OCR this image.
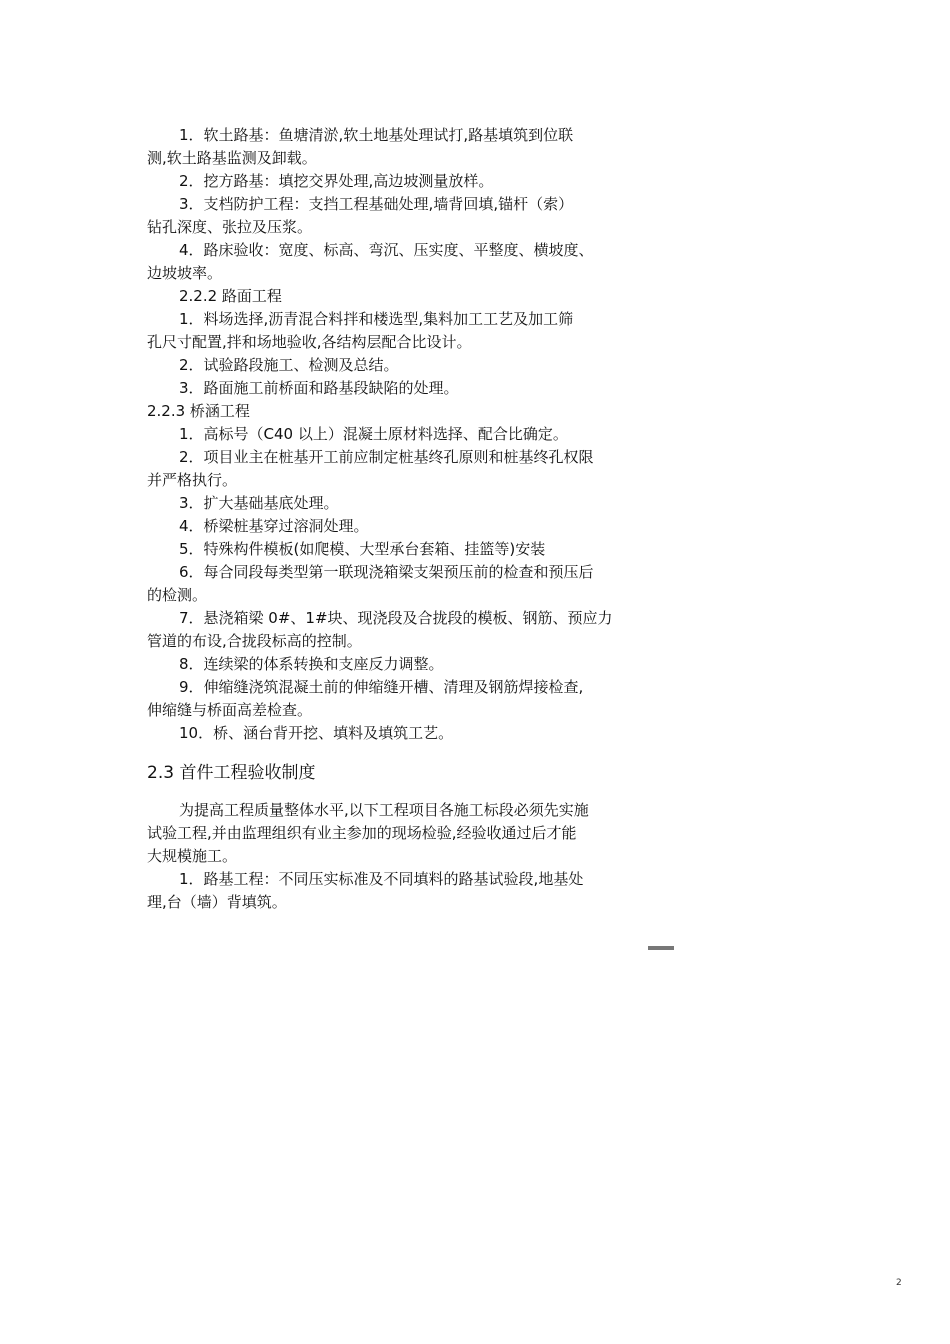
1．软土路基：鱼塘清淤,软土地基处理试打,路基填筑到位联

测,软土路基监测及卸载。

2．挖方路基：填挖交界处理,高边坡测量放样。

3．支档防护工程：支挡工程基础处理,墙背回填,锚杆（索）

钻孔深度、张拉及压浆。

4．路床验收：宽度、标高、弯沉、压实度、平整度、横坡度、

边坡坡率。

2.2.2 路面工程

1．料场选择,沥青混合料拌和楼选型,集料加工工艺及加工筛

孔尺寸配置,拌和场地验收,各结构层配合比设计。

2．试验路段施工、检测及总结。

3．路面施工前桥面和路基段缺陷的处理。

2.2.3 桥涵工程

1．高标号（C40 以上）混凝土原材料选择、配合比确定。

2．项目业主在桩基开工前应制定桩基终孔原则和桩基终孔权限

并严格执行。

3．扩大基础基底处理。

4．桥梁桩基穿过溶洞处理。

5．特殊构件模板(如爬模、大型承台套箱、挂篮等)安装

6．每合同段每类型第一联现浇箱梁支架预压前的检查和预压后

的检测。

7．悬浇箱梁 0#、1#块、现浇段及合拢段的模板、钢筋、预应力

管道的布设,合拢段标高的控制。

8．连续梁的体系转换和支座反力调整。

9．伸缩缝浇筑混凝土前的伸缩缝开槽、清理及钢筋焊接检查,

伸缩缝与桥面高差检查。

10．桥、涵台背开挖、填料及填筑工艺。

2.3 首件工程验收制度

为提高工程质量整体水平,以下工程项目各施工标段必须先实施

试验工程,并由监理组织有业主参加的现场检验,经验收通过后才能

大规模施工。

1．路基工程：不同压实标准及不同填料的路基试验段,地基处

理,台（墙）背填筑。

2
